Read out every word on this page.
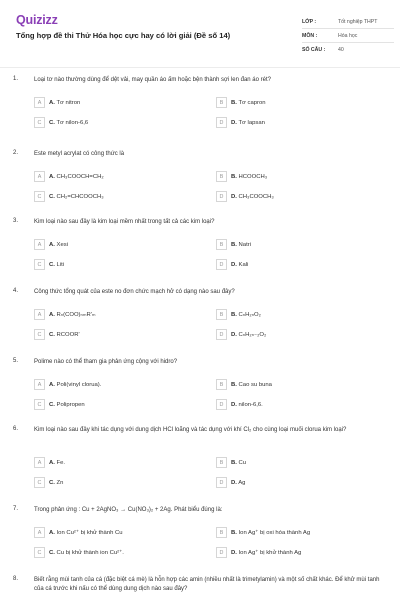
Quizizz
Tổng hợp đề thi Thử Hóa học cực hay có lời giải (Đề số 14)
LỚP :	Tốt nghiệp THPT
MÔN :	Hóa học
SỐ CÂU :	40
1.	Loại tơ nào thường dùng để dệt vải, may quần áo ấm hoặc bện thành sợi len đan áo rét?
A	A. Tơ nitron	B	B. Tơ capron
C	C. Tơ nilon-6,6	D	D. Tơ lapsan
2.	Este metyl acrylat có công thức là
A	A. CH₃COOCH=CH₂	B	B. HCOOCH₃
C	C. CH₂=CHCOOCH₃	D	D. CH₃COOCH₃
3.	Kim loại nào sau đây là kim loại mềm nhất trong tất cả các kim loại?
A	A. Xesi	B	B. Natri
C	C. Liti	D	D. Kali
4.	Công thức tổng quát của este no đơn chức mạch hở có dạng nào sau đây?
A	A. Rₙ(COO)ₙₘR'ₘ	B	B. CₙH₂ₙO₂
C	C. RCOOR'	D	D. CₙH₂ₙ₋₂O₂
5.	Polime nào có thể tham gia phản ứng cộng với hidro?
A	A. Poli(vinyl clorua).	B	B. Cao su buna
C	C. Polipropen	D	D. nilon-6,6.
6.	Kim loại nào sau đây khi tác dụng với dung dịch HCl loãng và tác dụng với khí Cl₂ cho cùng loại muối clorua kim loại?
A	A. Fe.	B	B. Cu
C	C. Zn	D	D. Ag
7.	Trong phản ứng : Cu + 2AgNO₃ → Cu(NO₃)₂ + 2Ag. Phát biểu đúng là:
A	A. Ion Cu²⁺ bị khử thành Cu	B	B. Ion Ag⁺ bị oxi hóa thành Ag
C	C. Cu bị khử thành ion Cu²⁺.	D	D. Ion Ag⁺ bị khử thành Ag
8.	Biết rằng mùi tanh của cá (đặc biệt cá mè) là hỗn hợp các amin (nhiều nhất là trimetylamin) và một số chất khác. Để khử mùi tanh của cá trước khi nấu có thể dùng dung dịch nào sau đây?
